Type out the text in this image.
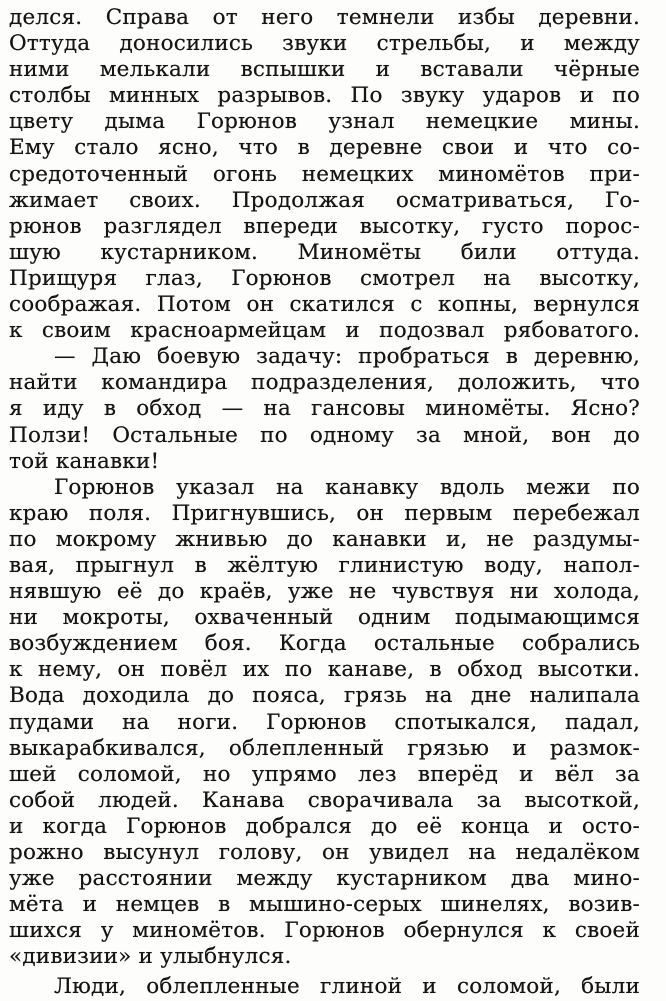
делся. Справа от него темнели избы деревни.
Оттуда доносились звуки стрельбы, и между
ними мелькали вспышки и вставали чёрные
столбы минных разрывов. По звуку ударов и по
цвету дыма Горюнов узнал немецкие мины.
Ему стало ясно, что в деревне свои и что со-
средоточенный огонь немецких миномётов при-
жимает своих. Продолжая осматриваться, Го-
рюнов разглядел впереди высотку, густо порос-
шую кустарником. Миномёты били оттуда.
Прищуря глаз, Горюнов смотрел на высотку,
соображая. Потом он скатился с копны, вернулся
к своим красноармейцам и подозвал рябоватого.
— Даю боевую задачу: пробраться в деревню,
найти командира подразделения, доложить, что
я иду в обход — на гансовы миномёты. Ясно?
Ползи! Остальные по одному за мной, вон до
той канавки!
Горюнов указал на канавку вдоль межи по
краю поля. Пригнувшись, он первым перебежал
по мокрому жнивью до канавки и, не раздумы-
вая, прыгнул в жёлтую глинистую воду, напол-
нявшую её до краёв, уже не чувствуя ни холода,
ни мокроты, охваченный одним подымающимся
возбуждением боя. Когда остальные собрались
к нему, он повёл их по канаве, в обход высотки.
Вода доходила до пояса, грязь на дне налипала
пудами на ноги. Горюнов спотыкался, падал,
выкарабкивался, облепленный грязью и размок-
шей соломой, но упрямо лез вперёд и вёл за
собой людей. Канава сворачивала за высоткой,
и когда Горюнов добрался до её конца и осто-
рожно высунул голову, он увидел на недалёком
уже расстоянии между кустарником два мино-
мёта и немцев в мышино-серых шинелях, возив-
шихся у миномётов. Горюнов обернулся к своей
«дивизии» и улыбнулся.
Люди, облепленные глиной и соломой, были
